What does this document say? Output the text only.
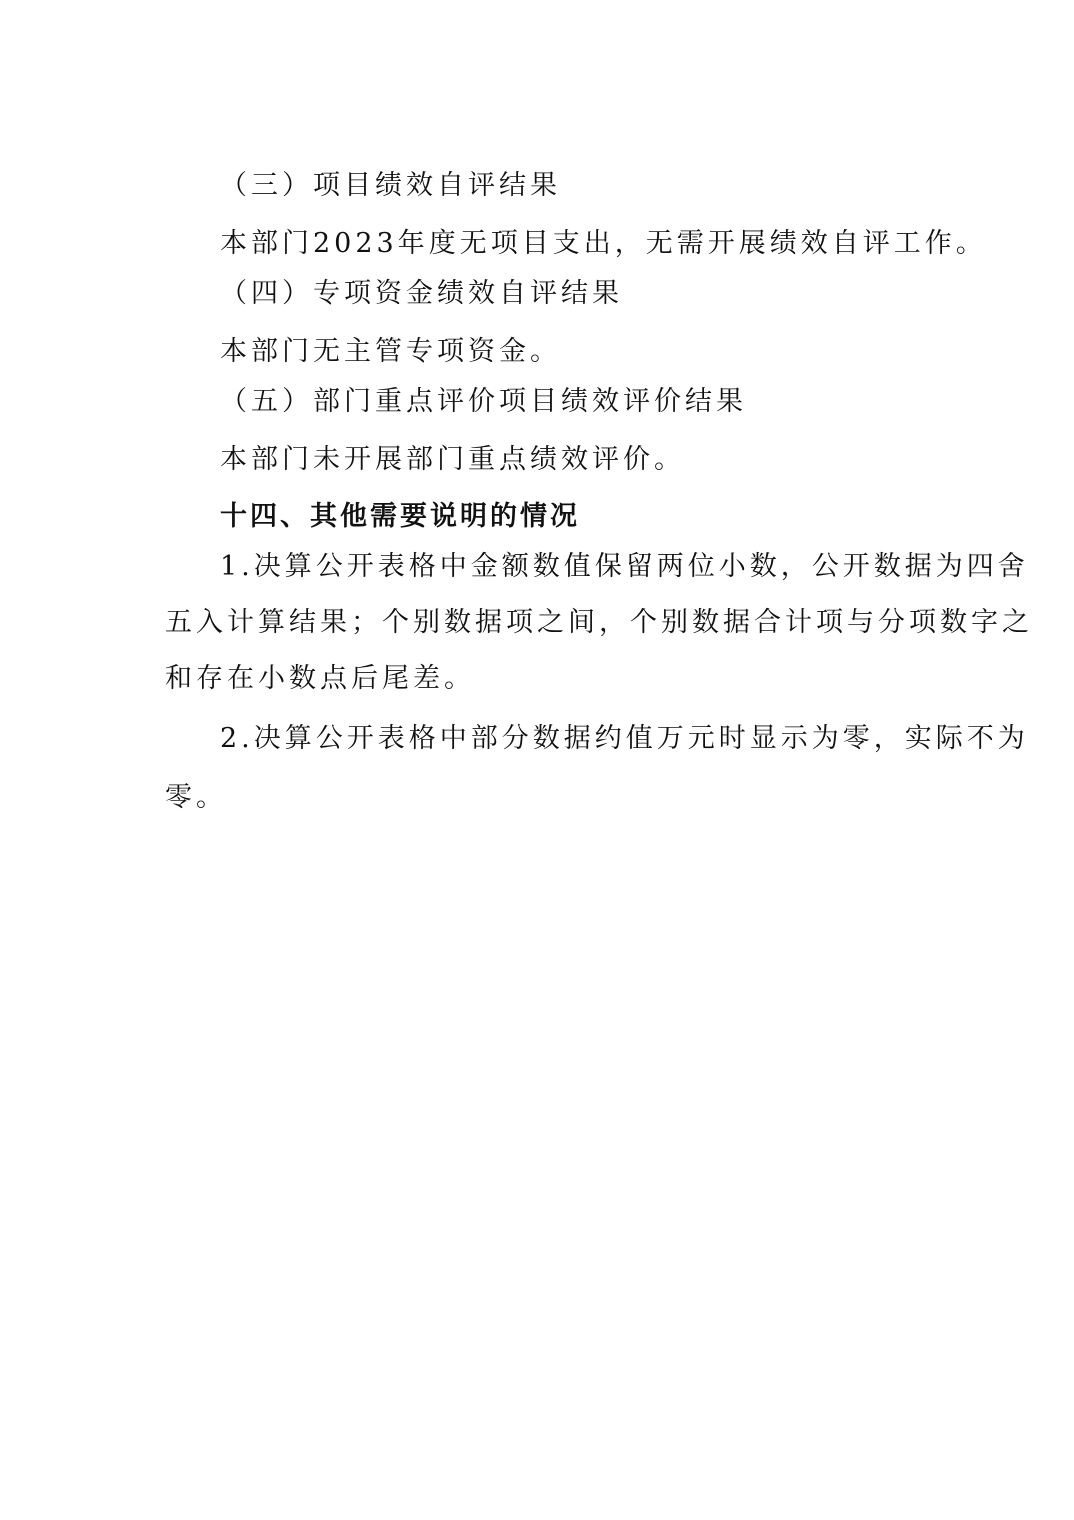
（三）项目绩效自评结果
本部门2023年度无项目支出，无需开展绩效自评工作。
（四）专项资金绩效自评结果
本部门无主管专项资金。
（五）部门重点评价项目绩效评价结果
本部门未开展部门重点绩效评价。
十四、其他需要说明的情况
1.决算公开表格中金额数值保留两位小数，公开数据为四舍
五入计算结果；个别数据项之间，个别数据合计项与分项数字之
和存在小数点后尾差。
2.决算公开表格中部分数据约值万元时显示为零，实际不为
零。
